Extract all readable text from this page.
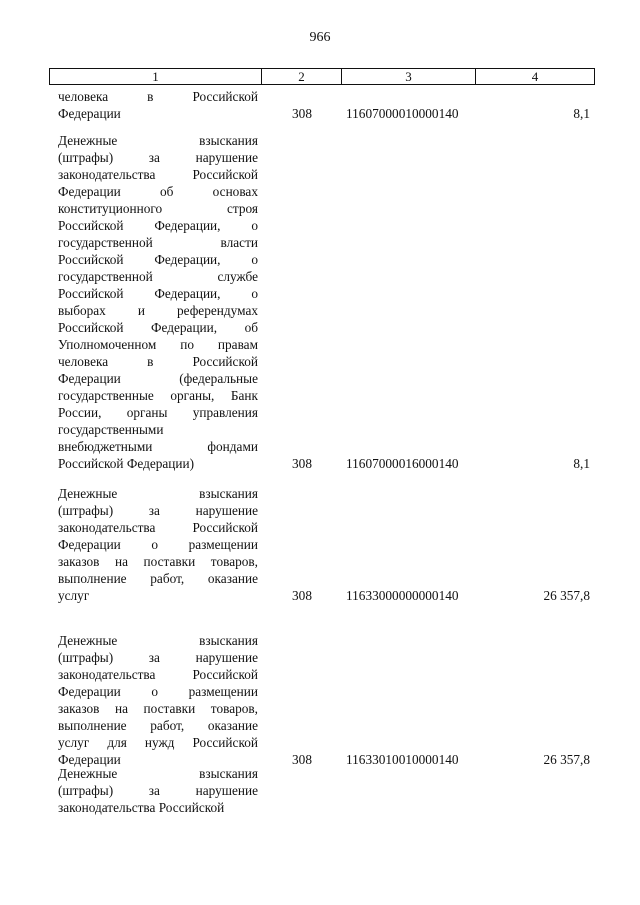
966
1	2	3	4
человека в Российской
Федерации	308	11607000010000140	8,1
Денежные взыскания
(штрафы) за нарушение
законодательства Российской
Федерации об основах
конституционного строя
Российской Федерации, о
государственной власти
Российской Федерации, о
государственной службе
Российской Федерации, о
выборах и референдумах
Российской Федерации, об
Уполномоченном по правам
человека в Российской
Федерации (федеральные
государственные органы, Банк
России, органы управления
государственными
внебюджетными фондами
Российской Федерации)	308	11607000016000140	8,1
Денежные взыскания
(штрафы) за нарушение
законодательства Российской
Федерации о размещении
заказов на поставки товаров,
выполнение работ, оказание
услуг	308	11633000000000140	26 357,8
Денежные взыскания
(штрафы) за нарушение
законодательства Российской
Федерации о размещении
заказов на поставки товаров,
выполнение работ, оказание
услуг для нужд Российской
Федерации	308	11633010010000140	26 357,8
Денежные взыскания
(штрафы) за нарушение
законодательства Российской
